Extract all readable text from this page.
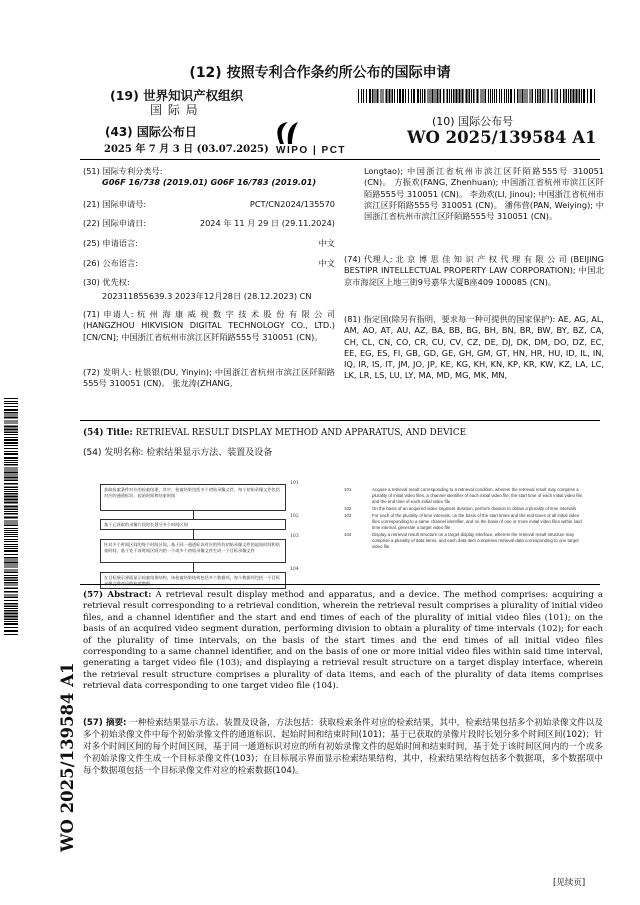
(12) 按照专利合作条约所公布的国际申请
(19) 世界知识产权组织
国 际 局
(43) 国际公布日
2025 年 7 月 3 日 (03.07.2025) WIPO | PCT
(10) 国际公布号
WO 2025/139584 A1
WO 2025/139584 A1
(51) 国际专利分类号:
G06F 16/738 (2019.01) G06F 16/783 (2019.01)
(21) 国际申请号:	PCT/CN2024/135570
(22) 国际申请日:	2024 年 11 月 29 日 (29.11.2024)
(25) 申请语言:	中文
(26) 公布语言:	中文
(30) 优先权:
202311855639.3 2023年12月28日 (28.12.2023) CN
(71) 申请人: 杭 州 海 康 威 视 数 字 技 术 股 份 有 限 公 司 (HANGZHOU HIKVISION DIGITAL TECHNOLOGY CO., LTD.) [CN/CN]; 中国浙江省杭州市滨江区阡陌路555号 310051 (CN)。
(72) 发明人: 杜银银(DU, Yinyin); 中国浙江省杭州市滨江区阡陌路555号 310051 (CN)。 张龙涛(ZHANG,
Longtao); 中国浙江省杭州市滨江区阡陌路555号 310051 (CN)。 方振欢(FANG, Zhenhuan); 中国浙江省杭州市滨江区阡陌路555号 310051 (CN)。 李劲欢(LI, Jinou); 中国浙江省杭州市滨江区阡陌路555号 310051 (CN)。 潘伟营(PAN, Weiying); 中国浙江省杭州市滨江区阡陌路555号 310051 (CN)。
(74) 代理人: 北 京 博 思 佳 知 识 产 权 代 理 有 限 公 司 (BEIJING BESTIPR INTELLECTUAL PROPERTY LAW CORPORATION); 中国北京市海淀区上地三街9号嘉华大厦B座409 100085 (CN)。
(81) 指定国(除另有指明，要求每一种可提供的国家保护): AE, AG, AL, AM, AO, AT, AU, AZ, BA, BB, BG, BH, BN, BR, BW, BY, BZ, CA, CH, CL, CN, CO, CR, CU, CV, CZ, DE, DJ, DK, DM, DO, DZ, EC, EE, EG, ES, FI, GB, GD, GE, GH, GM, GT, HN, HR, HU, ID, IL, IN, IQ, IR, IS, IT, JM, JO, JP, KE, KG, KH, KN, KP, KR, KW, KZ, LA, LC, LK, LR, LS, LU, LY, MA, MD, MG, MK, MN,
(54) Title: RETRIEVAL RESULT DISPLAY METHOD AND APPARATUS, AND DEVICE
(54) 发明名称: 检索结果显示方法、装置及设备
获取检索条件对应的检索结果，其中，检索结果包括多个初始录像文件，每个初始录像文件包括对应的通道标识、起始时间和结束时间
101
基于已获取的录像片段时长划分多个时间区间
102
针对多个时间区间的每个时间区间，基于同一通道标识对应的所有初始录像文件的起始时间和结束时间，基于处于该时间区间内的一个或多个初始录像文件生成一个目标录像文件
103
在目标展示界面显示检索结果结构，该检索结果结构包括多个数据项，每个数据项包括一个目标
104
101	Acquire a retrieval result corresponding to a retrieval condition, wherein the retrieval result may comprise a plurality of initial video files, a channel identifier of each initial video file, the start time of each initial video file, and the end time of each initial video file
102	On the basis of an acquired video segment duration, perform division to obtain a plurality of time intervals
103	For each of the plurality of time intervals, on the basis of the start times and the end times of all initial video files corresponding to a same channel identifier, and on the basis of one or more initial video files within said time interval, generate a target video file
104	Display a retrieval result structure on a target display interface, wherein the retrieval result structure may comprise a plurality of data items, and each data item comprises retrieval data corresponding to one target video file
(57) Abstract: A retrieval result display method and apparatus, and a device. The method comprises: acquiring a retrieval result corresponding to a retrieval condition, wherein the retrieval result comprises a plurality of initial video files, and a channel identifier and the start and end times of each of the plurality of initial video files (101); on the basis of an acquired video segment duration, performing division to obtain a plurality of time intervals (102); for each of the plurality of time intervals, on the basis of the start times and the end times of all initial video files corresponding to a same channel identifier, and on the basis of one or more initial video files within said time interval, generating a target video file (103); and displaying a retrieval result structure on a target display interface, wherein the retrieval result structure comprises a plurality of data items, and each of the plurality of data items comprises retrieval data corresponding to one target video file (104).
(57) 摘要: 一种检索结果显示方法、装置及设备，方法包括：获取检索条件对应的检索结果，其中，检索结果包括多个初始录像文件以及多个初始录像文件中每个初始录像文件的通道标识、起始时间和结束时间(101)；基于已获取的录像片段时长划分多个时间区间(102)；针对多个时间区间的每个时间区间，基于同一通道标识对应的所有初始录像文件的起始时间和结束时间，基于处于该时间区间内的一个或多个初始录像文件生成一个目标录像文件(103)；在目标展示界面显示检索结果结构，其中，检索结果结构包括多个数据项，多个数据项中每个数据项包括一个目标录像文件对应的检索数据(104)。
[见续页]
